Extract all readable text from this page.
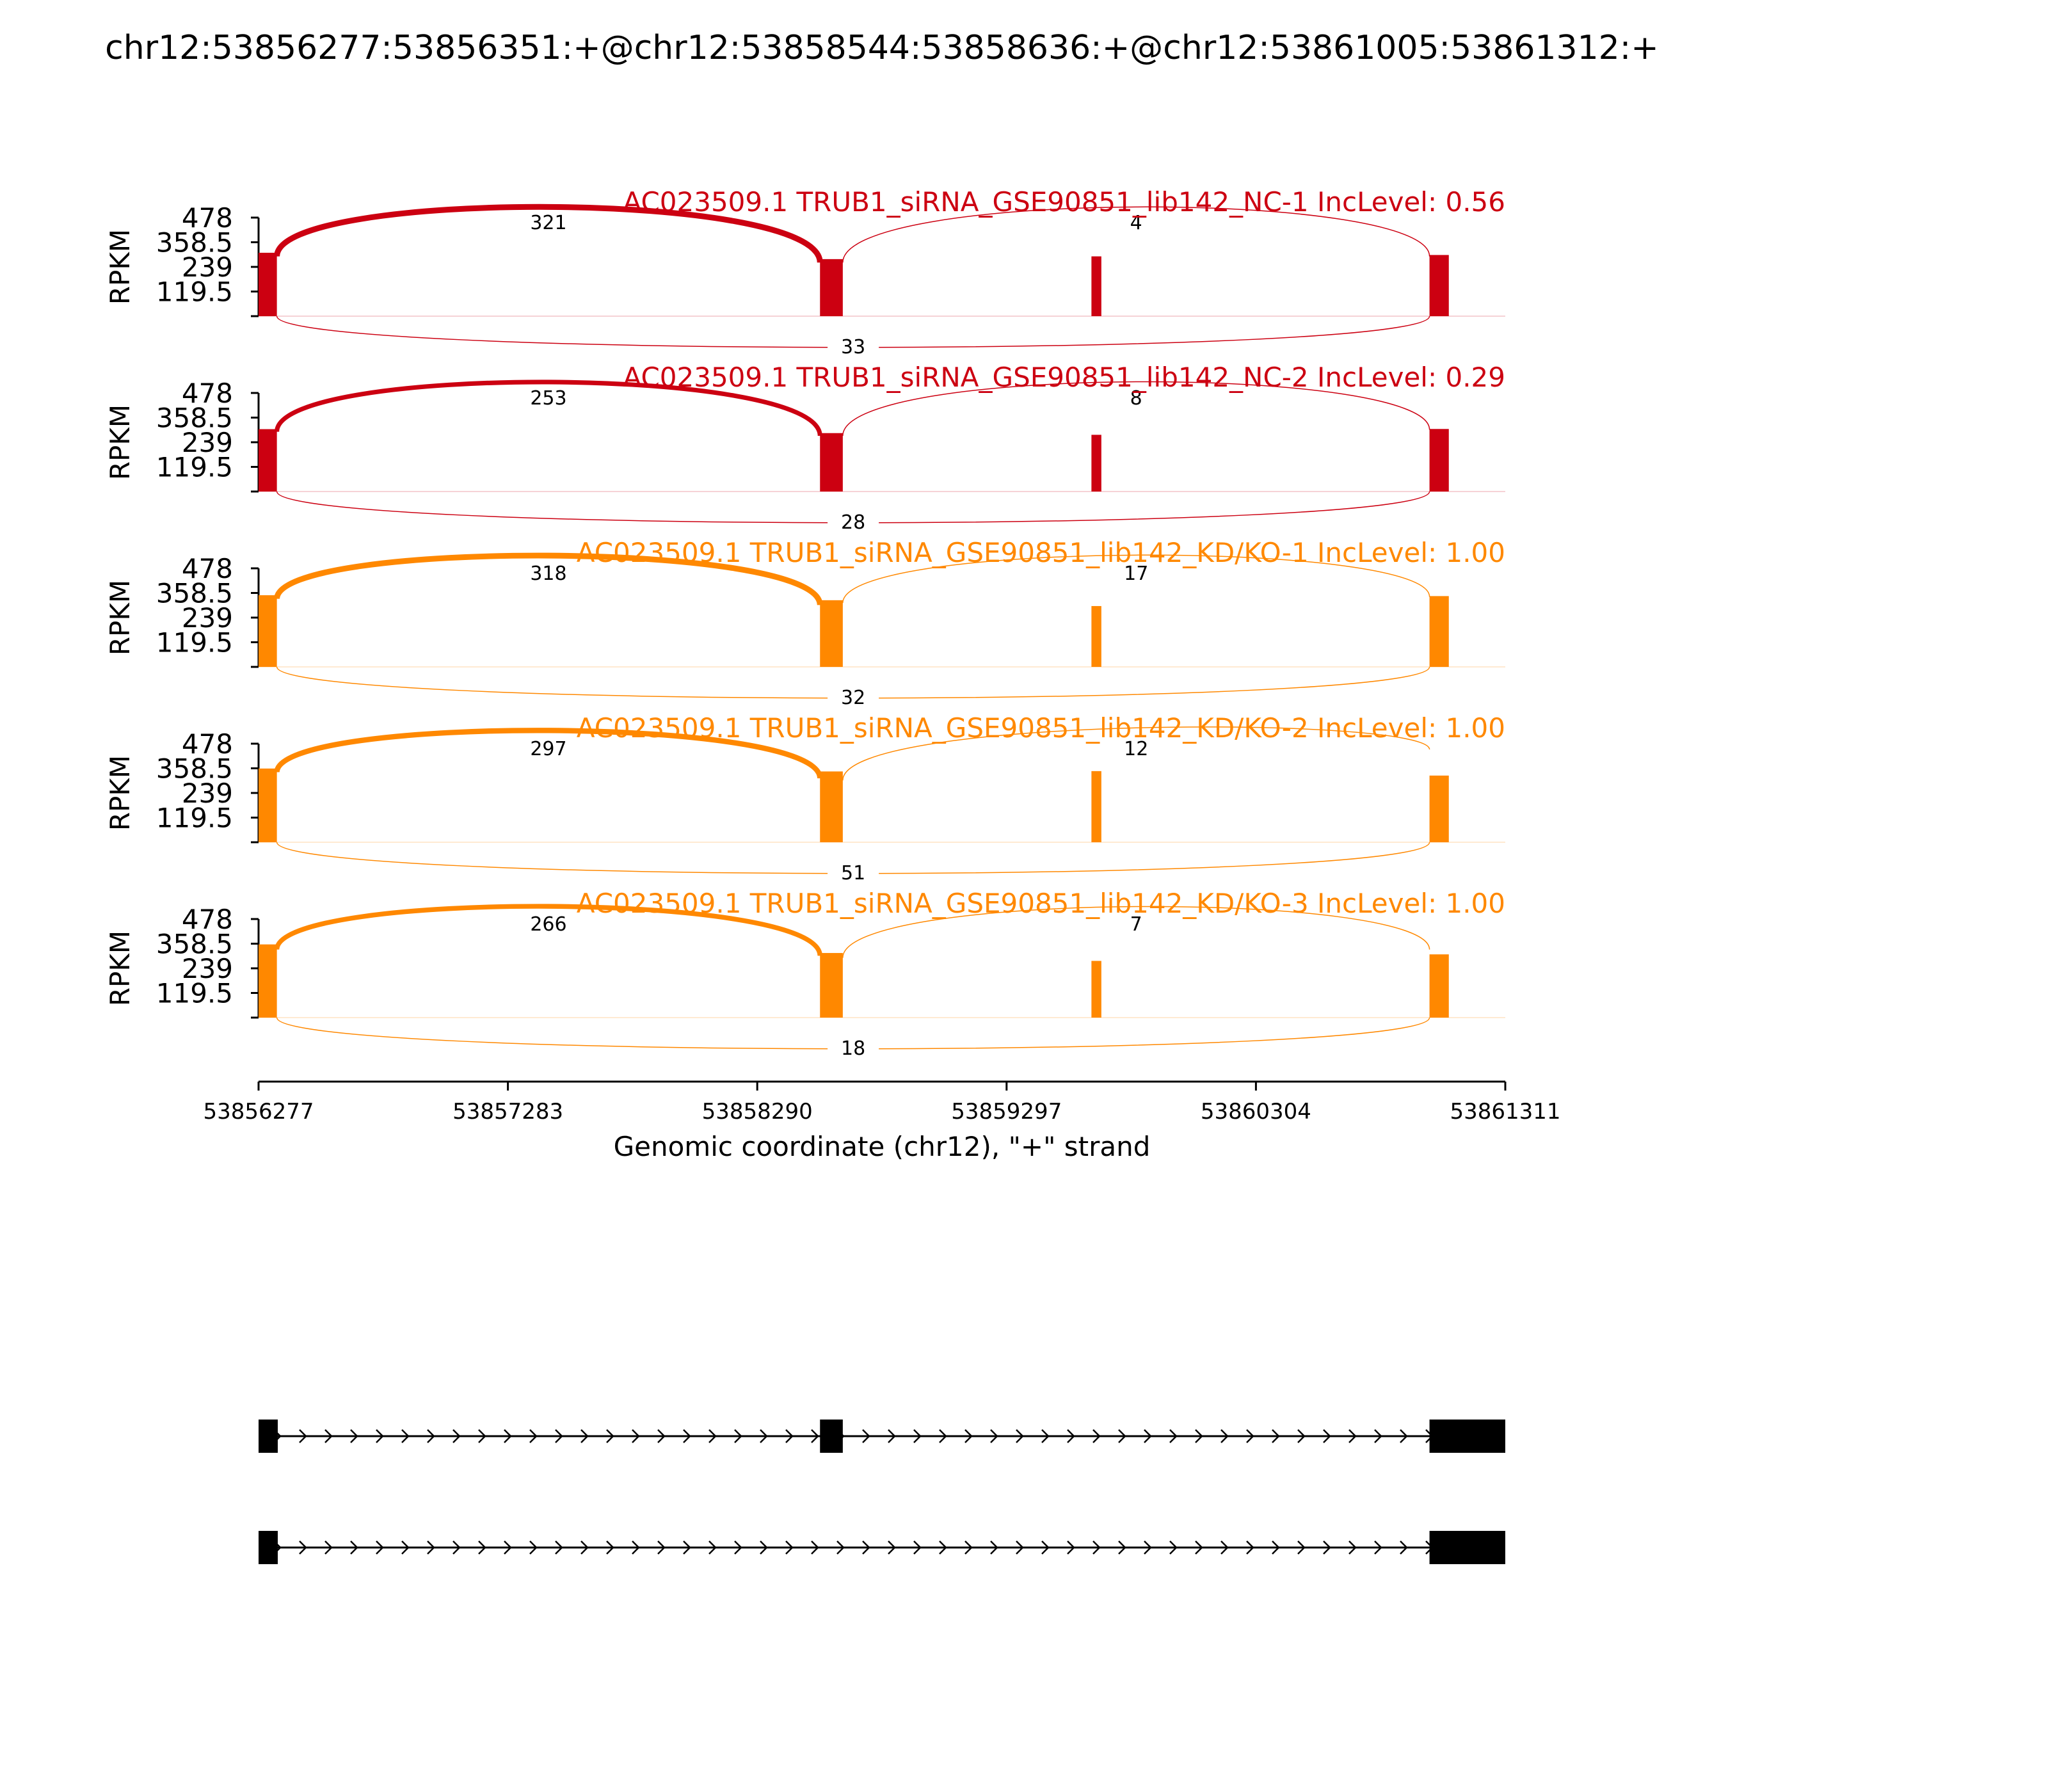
chr12:53856277:53856351:+@chr12:53858544:53858636:+@chr12:53861005:53861312:+
478
358.5
239
119.5
RPKM
321	4
33
AC023509.1 TRUB1_siRNA_GSE90851_lib142_NC-1 IncLevel: 0.56
478
358.5
239
119.5
RPKM
253	8
28
AC023509.1 TRUB1_siRNA_GSE90851_lib142_NC-2 IncLevel: 0.29
478
358.5
239
119.5
RPKM
318	17
32
AC023509.1 TRUB1_siRNA_GSE90851_lib142_KD/KO-1 IncLevel: 1.00
478
358.5
239
119.5
RPKM
297	12
51
AC023509.1 TRUB1_siRNA_GSE90851_lib142_KD/KO-2 IncLevel: 1.00
478
358.5
239
119.5
RPKM
266	7
18
AC023509.1 TRUB1_siRNA_GSE90851_lib142_KD/KO-3 IncLevel: 1.00
53856277	53857283	53858290	53859297	53860304	53861311
Genomic coordinate (chr12), "+" strand
